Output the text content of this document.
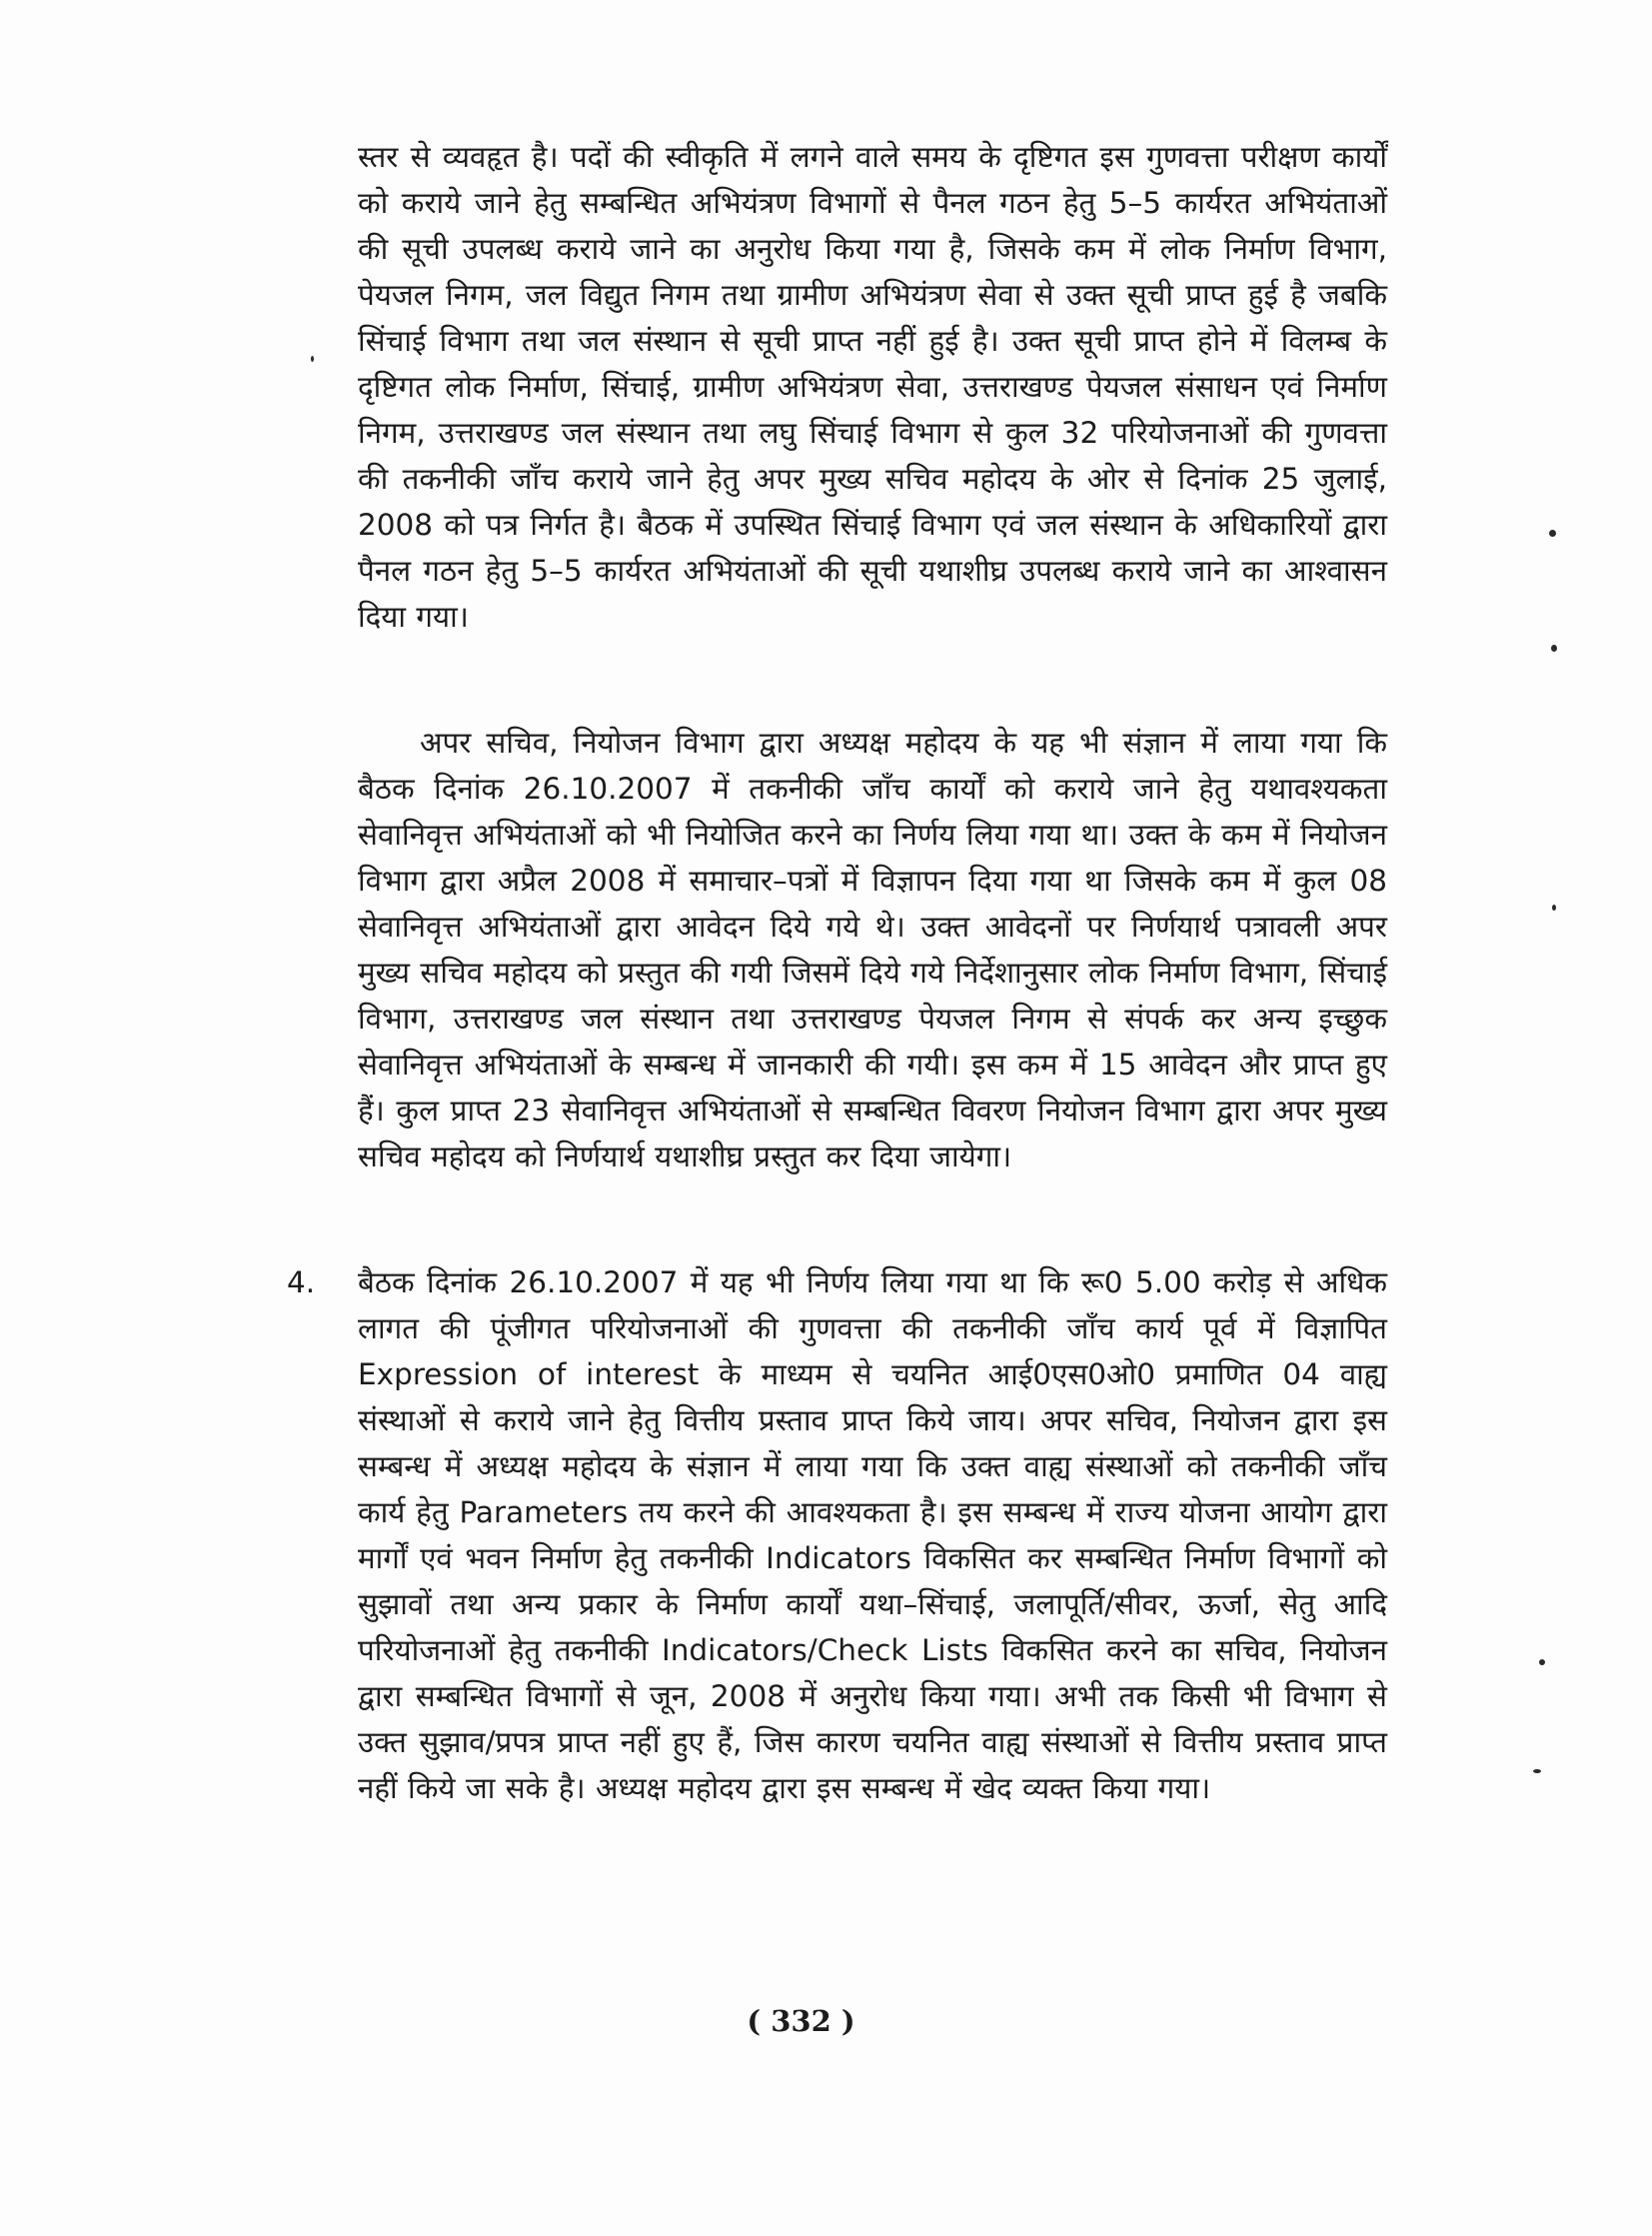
स्तर से व्यवहृत है। पदों की स्वीकृति में लगने वाले समय के दृष्टिगत इस गुणवत्ता परीक्षण कार्यों को कराये जाने हेतु सम्बन्धित अभियंत्रण विभागों से पैनल गठन हेतु 5–5 कार्यरत अभियंताओं की सूची उपलब्ध कराये जाने का अनुरोध किया गया है, जिसके कम में लोक निर्माण विभाग, पेयजल निगम, जल विद्युत निगम तथा ग्रामीण अभियंत्रण सेवा से उक्त सूची प्राप्त हुई है जबकि सिंचाई विभाग तथा जल संस्थान से सूची प्राप्त नहीं हुई है। उक्त सूची प्राप्त होने में विलम्ब के दृष्टिगत लोक निर्माण, सिंचाई, ग्रामीण अभियंत्रण सेवा, उत्तराखण्ड पेयजल संसाधन एवं निर्माण निगम, उत्तराखण्ड जल संस्थान तथा लघु सिंचाई विभाग से कुल 32 परियोजनाओं की गुणवत्ता की तकनीकी जाँच कराये जाने हेतु अपर मुख्य सचिव महोदय के ओर से दिनांक 25 जुलाई, 2008 को पत्र निर्गत है। बैठक में उपस्थित सिंचाई विभाग एवं जल संस्थान के अधिकारियों द्वारा पैनल गठन हेतु 5–5 कार्यरत अभियंताओं की सूची यथाशीघ्र उपलब्ध कराये जाने का आश्वासन दिया गया।
अपर सचिव, नियोजन विभाग द्वारा अध्यक्ष महोदय के यह भी संज्ञान में लाया गया कि बैठक दिनांक 26.10.2007 में तकनीकी जाँच कार्यों को कराये जाने हेतु यथावश्यकता सेवानिवृत्त अभियंताओं को भी नियोजित करने का निर्णय लिया गया था। उक्त के कम में नियोजन विभाग द्वारा अप्रैल 2008 में समाचार–पत्रों में विज्ञापन दिया गया था जिसके कम में कुल 08 सेवानिवृत्त अभियंताओं द्वारा आवेदन दिये गये थे। उक्त आवेदनों पर निर्णयार्थ पत्रावली अपर मुख्य सचिव महोदय को प्रस्तुत की गयी जिसमें दिये गये निर्देशानुसार लोक निर्माण विभाग, सिंचाई विभाग, उत्तराखण्ड जल संस्थान तथा उत्तराखण्ड पेयजल निगम से संपर्क कर अन्य इच्छुक सेवानिवृत्त अभियंताओं के सम्बन्ध में जानकारी की गयी। इस कम में 15 आवेदन और प्राप्त हुए हैं। कुल प्राप्त 23 सेवानिवृत्त अभियंताओं से सम्बन्धित विवरण नियोजन विभाग द्वारा अपर मुख्य सचिव महोदय को निर्णयार्थ यथाशीघ्र प्रस्तुत कर दिया जायेगा।
4. बैठक दिनांक 26.10.2007 में यह भी निर्णय लिया गया था कि रू0 5.00 करोड़ से अधिक लागत की पूंजीगत परियोजनाओं की गुणवत्ता की तकनीकी जाँच कार्य पूर्व में विज्ञापित Expression of interest के माध्यम से चयनित आई0एस0ओ0 प्रमाणित 04 वाह्य संस्थाओं से कराये जाने हेतु वित्तीय प्रस्ताव प्राप्त किये जाय। अपर सचिव, नियोजन द्वारा इस सम्बन्ध में अध्यक्ष महोदय के संज्ञान में लाया गया कि उक्त वाह्य संस्थाओं को तकनीकी जाँच कार्य हेतु Parameters तय करने की आवश्यकता है। इस सम्बन्ध में राज्य योजना आयोग द्वारा मार्गों एवं भवन निर्माण हेतु तकनीकी Indicators विकसित कर सम्बन्धित निर्माण विभागों को सुझावों तथा अन्य प्रकार के निर्माण कार्यों यथा–सिंचाई, जलापूर्ति/सीवर, ऊर्जा, सेतु आदि परियोजनाओं हेतु तकनीकी Indicators/Check Lists विकसित करने का सचिव, नियोजन द्वारा सम्बन्धित विभागों से जून, 2008 में अनुरोध किया गया। अभी तक किसी भी विभाग से उक्त सुझाव/प्रपत्र प्राप्त नहीं हुए हैं, जिस कारण चयनित वाह्य संस्थाओं से वित्तीय प्रस्ताव प्राप्त नहीं किये जा सके है। अध्यक्ष महोदय द्वारा इस सम्बन्ध में खेद व्यक्त किया गया।
( 332 )
